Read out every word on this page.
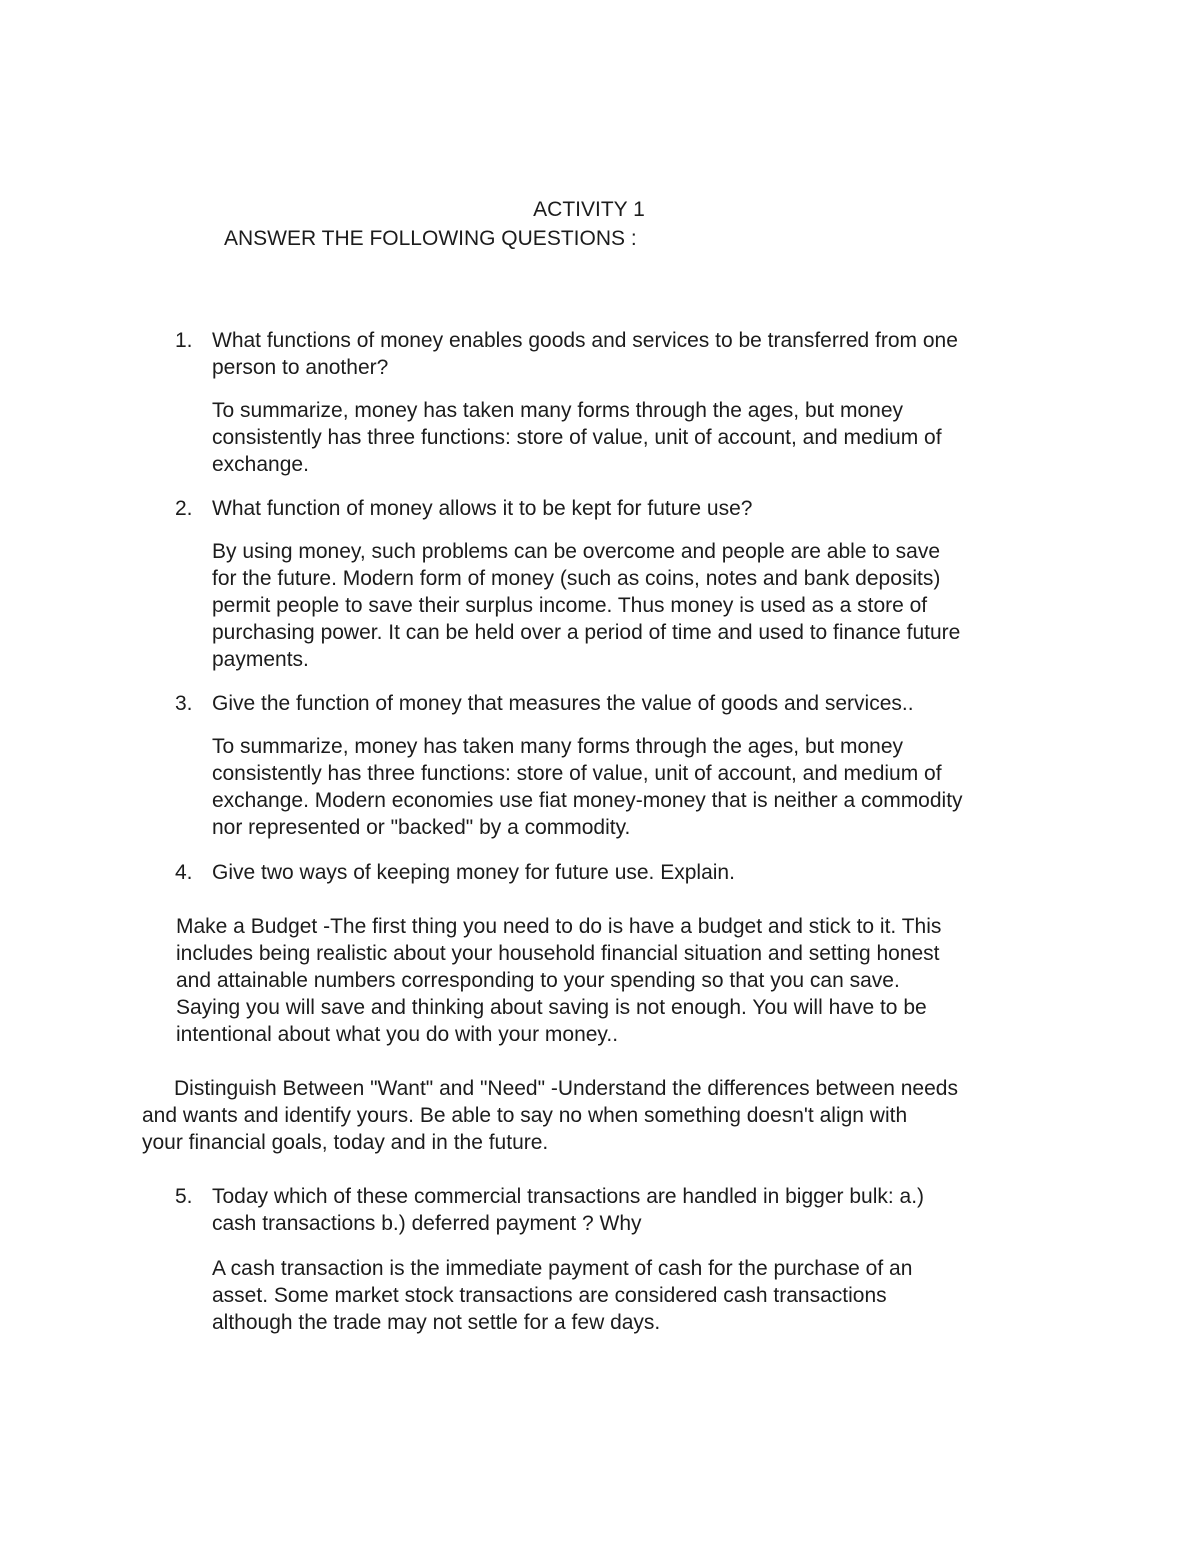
ACTIVITY 1
ANSWER THE FOLLOWING QUESTIONS :
1. What functions of money enables goods and services to be transferred from one
person to another?

To summarize, money has taken many forms through the ages, but money
consistently has three functions: store of value, unit of account, and medium of
exchange.

2. What function of money allows it to be kept for future use?

By using money, such problems can be overcome and people are able to save
for the future. Modern form of money (such as coins, notes and bank deposits)
permit people to save their surplus income. Thus money is used as a store of
purchasing power. It can be held over a period of time and used to finance future
payments.

3. Give the function of money that measures the value of goods and services..

To summarize, money has taken many forms through the ages, but money
consistently has three functions: store of value, unit of account, and medium of
exchange. Modern economies use fiat money-money that is neither a commodity
nor represented or "backed" by a commodity.

4. Give two ways of keeping money for future use. Explain.

Make a Budget -The first thing you need to do is have a budget and stick to it. This
includes being realistic about your household financial situation and setting honest
and attainable numbers corresponding to your spending so that you can save.
Saying you will save and thinking about saving is not enough. You will have to be
intentional about what you do with your money..

Distinguish Between "Want" and "Need" -Understand the differences between needs
and wants and identify yours. Be able to say no when something doesn't align with
your financial goals, today and in the future.

5. Today which of these commercial transactions are handled in bigger bulk: a.)
cash transactions b.) deferred payment ? Why

A cash transaction is the immediate payment of cash for the purchase of an
asset. Some market stock transactions are considered cash transactions
although the trade may not settle for a few days.
